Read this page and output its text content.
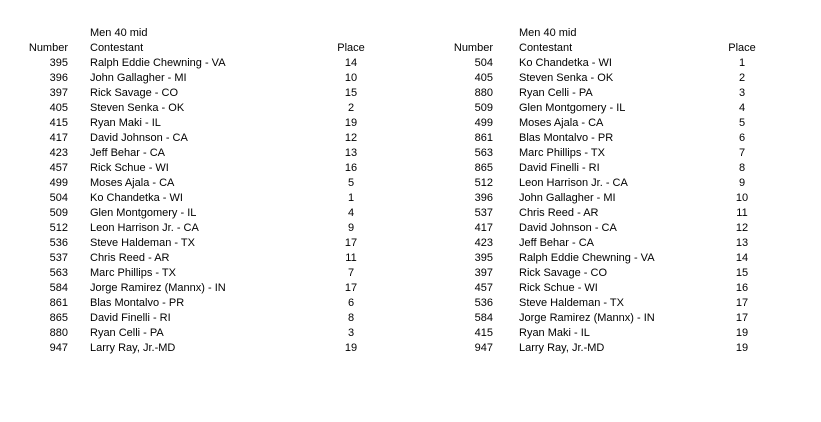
Men 40 mid
Number Contestant	Place
395 Ralph Eddie Chewning - VA	14
396 John Gallagher - MI	10
397 Rick Savage - CO	15
405 Steven Senka - OK	2
415 Ryan Maki - IL	19
417 David Johnson - CA	12
423 Jeff Behar - CA	13
457 Rick Schue - WI	16
499 Moses Ajala - CA	5
504 Ko Chandetka - WI	1
509 Glen Montgomery - IL	4
512 Leon Harrison Jr. - CA	9
536 Steve Haldeman - TX	17
537 Chris Reed - AR	11
563 Marc Phillips - TX	7
584 Jorge Ramirez (Mannx) - IN	17
861 Blas Montalvo - PR	6
865 David Finelli - RI	8
880 Ryan Celli - PA	3
947 Larry Ray, Jr.-MD	19
Men 40 mid
Number Contestant	Place
504 Ko Chandetka - WI	1
405 Steven Senka - OK	2
880 Ryan Celli - PA	3
509 Glen Montgomery - IL	4
499 Moses Ajala - CA	5
861 Blas Montalvo - PR	6
563 Marc Phillips - TX	7
865 David Finelli - RI	8
512 Leon Harrison Jr. - CA	9
396 John Gallagher - MI	10
537 Chris Reed - AR	11
417 David Johnson - CA	12
423 Jeff Behar - CA	13
395 Ralph Eddie Chewning - VA	14
397 Rick Savage - CO	15
457 Rick Schue - WI	16
536 Steve Haldeman - TX	17
584 Jorge Ramirez (Mannx) - IN	17
415 Ryan Maki - IL	19
947 Larry Ray, Jr.-MD	19
